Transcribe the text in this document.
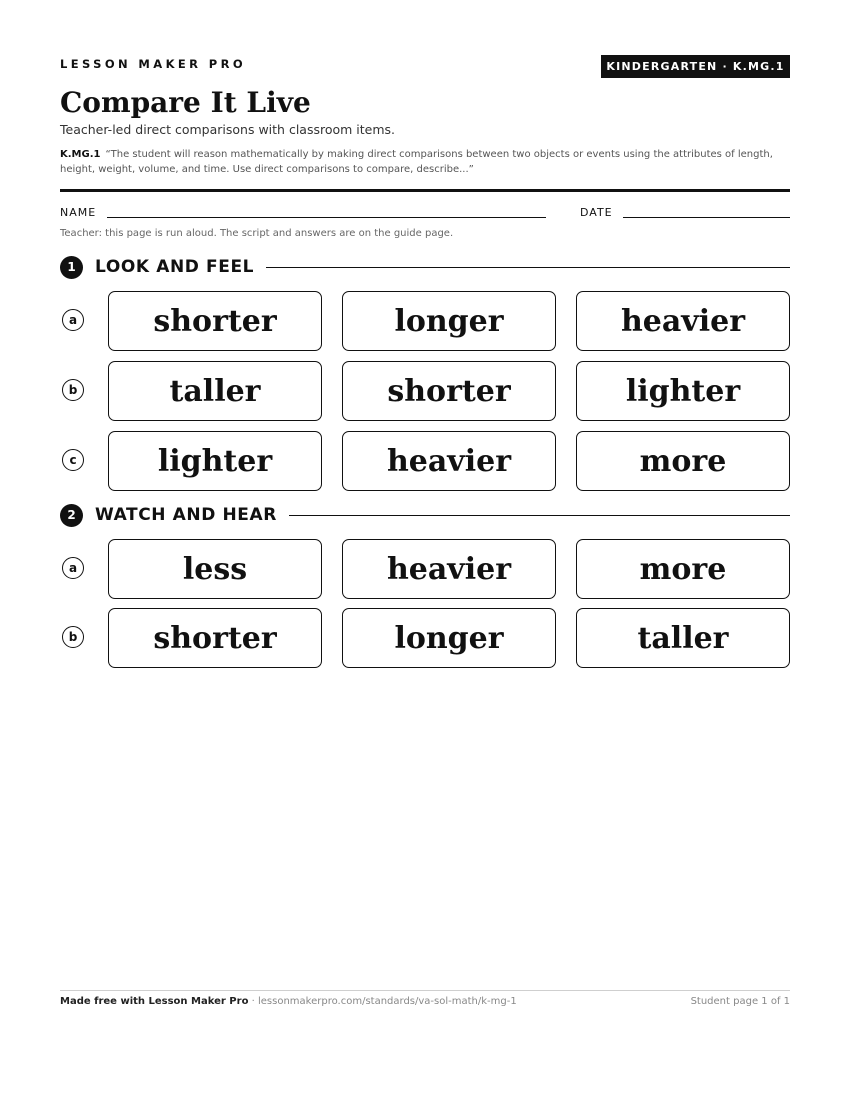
LESSON MAKER PRO	KINDERGARTEN · K.MG.1
Compare It Live
Teacher-led direct comparisons with classroom items.
K.MG.1 “The student will reason mathematically by making direct comparisons between two objects or events using the attributes of length, height, weight, volume, and time. Use direct comparisons to compare, describe...”
NAME	DATE
Teacher: this page is run aloud. The script and answers are on the guide page.
1	LOOK AND FEEL
a	shorter	longer	heavier
b	taller	shorter	lighter
c	lighter	heavier	more
2	WATCH AND HEAR
a	less	heavier	more
b	shorter	longer	taller
Made free with Lesson Maker Pro · lessonmakerpro.com/standards/va-sol-math/k-mg-1	Student page 1 of 1
